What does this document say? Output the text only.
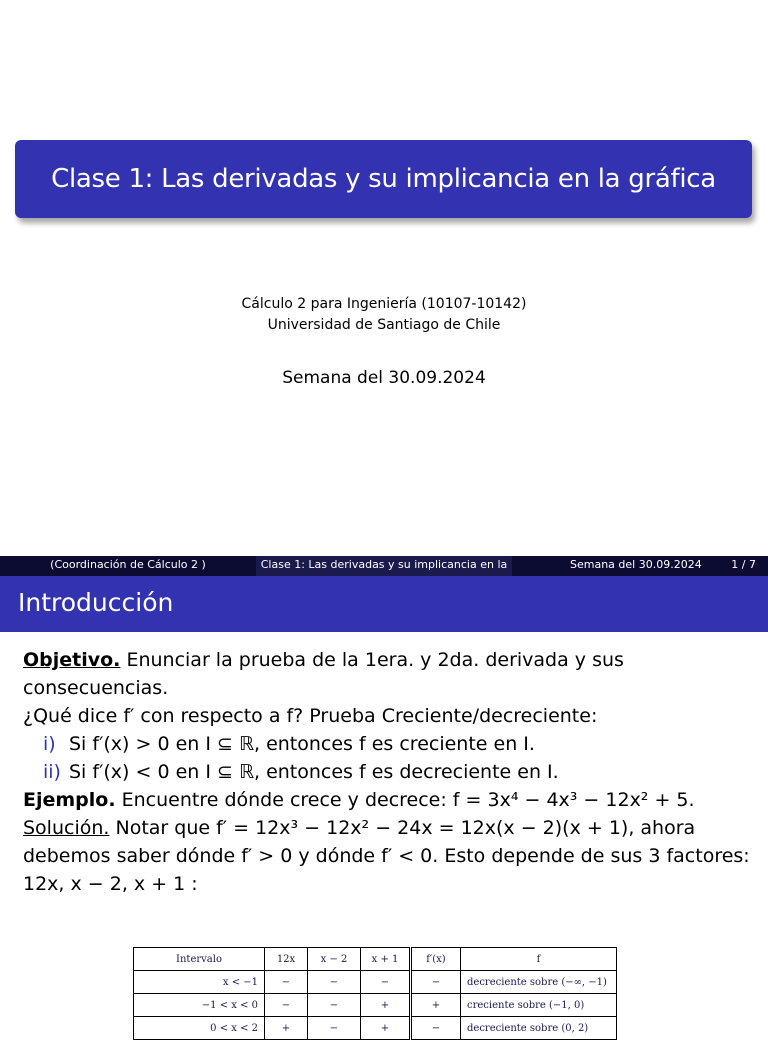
Clase 1: Las derivadas y su implicancia en la gráfica
Cálculo 2 para Ingeniería (10107-10142)
Universidad de Santiago de Chile
Semana del 30.09.2024
(Coordinación de Cálculo 2 )	Clase 1: Las derivadas y su implicancia en la	Semana del 30.09.2024	1 / 7
Introducción

Objetivo. Enunciar la prueba de la 1era. y 2da. derivada y sus consecuencias.

¿Qué dice f′ con respecto a f? Prueba Creciente/decreciente:

i) Si f′(x) > 0 en I ⊆ ℝ, entonces f es creciente en I.

ii) Si f′(x) < 0 en I ⊆ ℝ, entonces f es decreciente en I.

Ejemplo. Encuentre dónde crece y decrece: f = 3x⁴ − 4x³ − 12x² + 5.

Solución. Notar que f′ = 12x³ − 12x² − 24x = 12x(x − 2)(x + 1), ahora debemos saber dónde f′ > 0 y dónde f′ < 0. Esto depende de sus 3 factores: 12x, x − 2, x + 1 :

Intervalo	12x	x − 2	x + 1	f′(x)	f
x < −1	−	−	−	−	decreciente sobre (−∞, −1)
−1 < x < 0	−	−	+	+	creciente sobre (−1, 0)
0 < x < 2	+	−	+	−	decreciente sobre (0, 2)
